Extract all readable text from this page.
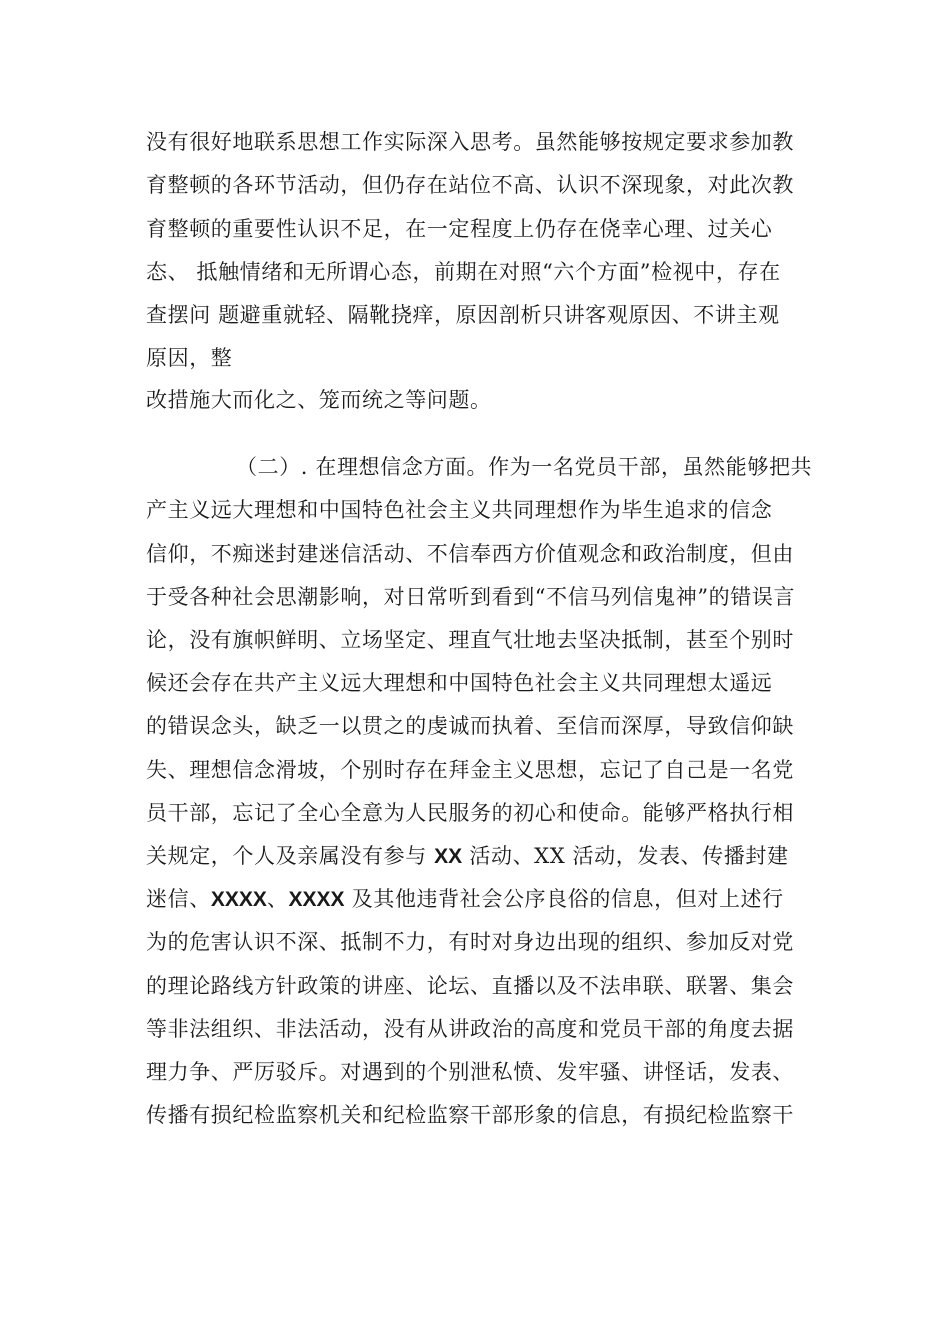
没有很好地联系思想工作实际深入思考。虽然能够按规定要求参加教
育整顿的各环节活动，但仍存在站位不高、认识不深现象，对此次教
育整顿的重要性认识不足，在一定程度上仍存在侥幸心理、过关心
态、 抵触情绪和无所谓心态，前期在对照“六个方面”检视中，存在
查摆问 题避重就轻、隔靴挠痒，原因剖析只讲客观原因、不讲主观
原因，整
改措施大而化之、笼而统之等问题。
（二）. 在理想信念方面。作为一名党员干部，虽然能够把共
产主义远大理想和中国特色社会主义共同理想作为毕生追求的信念
信仰，不痴迷封建迷信活动、不信奉西方价值观念和政治制度，但由
于受各种社会思潮影响，对日常听到看到“不信马列信鬼神”的错误言
论，没有旗帜鲜明、立场坚定、理直气壮地去坚决抵制，甚至个别时
候还会存在共产主义远大理想和中国特色社会主义共同理想太遥远
的错误念头，缺乏一以贯之的虔诚而执着、至信而深厚，导致信仰缺
失、理想信念滑坡，个别时存在拜金主义思想，忘记了自己是一名党
员干部，忘记了全心全意为人民服务的初心和使命。能够严格执行相
关规定，个人及亲属没有参与 XX 活动、XX 活动，发表、传播封建
迷信、XXXX、XXXX 及其他违背社会公序良俗的信息，但对上述行
为的危害认识不深、抵制不力，有时对身边出现的组织、参加反对党
的理论路线方针政策的讲座、论坛、直播以及不法串联、联署、集会
等非法组织、非法活动，没有从讲政治的高度和党员干部的角度去据
理力争、严厉驳斥。对遇到的个别泄私愤、发牢骚、讲怪话，发表、
传播有损纪检监察机关和纪检监察干部形象的信息，有损纪检监察干
